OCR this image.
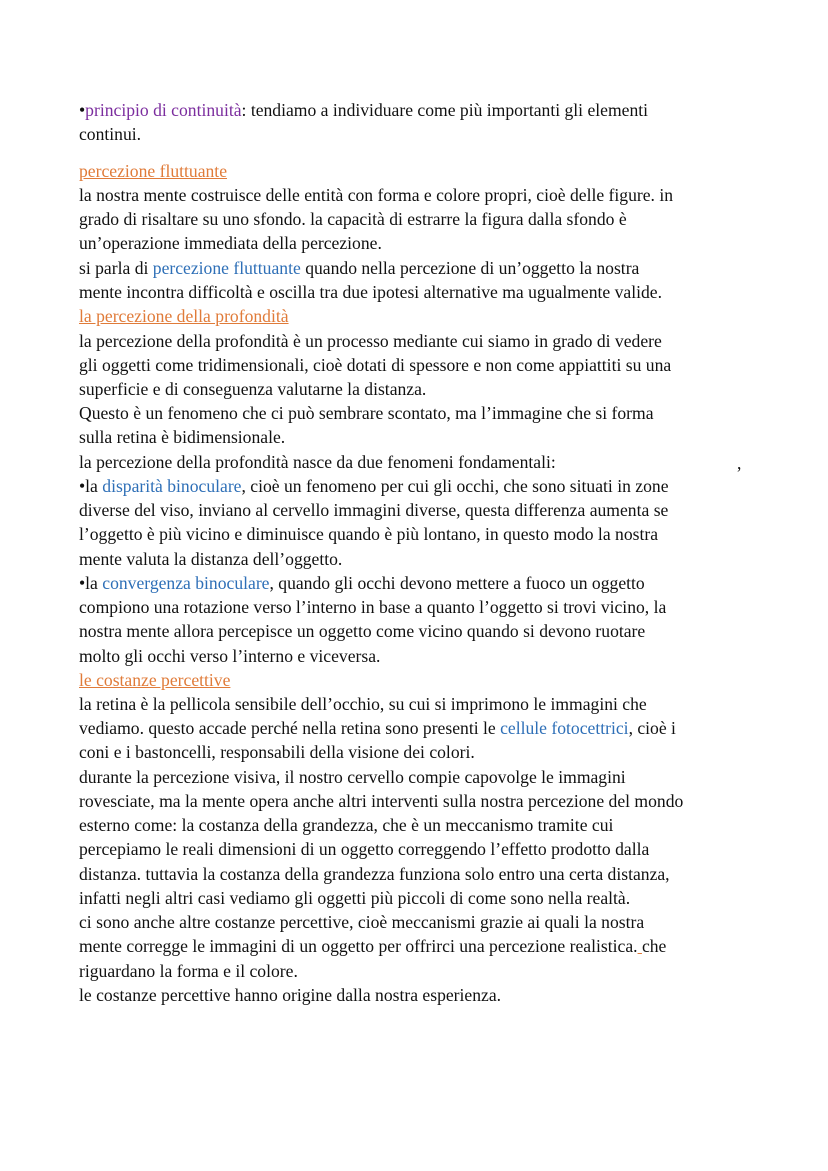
•principio di continuità: tendiamo a individuare come più importanti gli elementi

continui.

percezione fluttuante

la nostra mente costruisce delle entità con forma e colore propri, cioè delle figure. in

grado di risaltare su uno sfondo. la capacità di estrarre la figura dalla sfondo è

un’operazione immediata della percezione.

si parla di percezione fluttuante quando nella percezione di un’oggetto la nostra

mente incontra difficoltà e oscilla tra due ipotesi alternative ma ugualmente valide.

la percezione della profondità

la percezione della profondità è un processo mediante cui siamo in grado di vedere

gli oggetti come tridimensionali, cioè dotati di spessore e non come appiattiti su una

superficie e di conseguenza valutarne la distanza.

Questo è un fenomeno che ci può sembrare scontato, ma l’immagine che si forma

sulla retina è bidimensionale.

la percezione della profondità nasce da due fenomeni fondamentali:	,

•la disparità binoculare, cioè un fenomeno per cui gli occhi, che sono situati in zone

diverse del viso, inviano al cervello immagini diverse, questa differenza aumenta se

l’oggetto è più vicino e diminuisce quando è più lontano, in questo modo la nostra

mente valuta la distanza dell’oggetto.

•la convergenza binoculare, quando gli occhi devono mettere a fuoco un oggetto

compiono una rotazione verso l’interno in base a quanto l’oggetto si trovi vicino, la

nostra mente allora percepisce un oggetto come vicino quando si devono ruotare

molto gli occhi verso l’interno e viceversa.

le costanze percettive

la retina è la pellicola sensibile dell’occhio, su cui si imprimono le immagini che

vediamo. questo accade perché nella retina sono presenti le cellule fotocettrici, cioè i

coni e i bastoncelli, responsabili della visione dei colori.

durante la percezione visiva, il nostro cervello compie capovolge le immagini

rovesciate, ma la mente opera anche altri interventi sulla nostra percezione del mondo

esterno come: la costanza della grandezza, che è un meccanismo tramite cui

percepiamo le reali dimensioni di un oggetto correggendo l’effetto prodotto dalla

distanza. tuttavia la costanza della grandezza funziona solo entro una certa distanza,

infatti negli altri casi vediamo gli oggetti più piccoli di come sono nella realtà.

ci sono anche altre costanze percettive, cioè meccanismi grazie ai quali la nostra

mente corregge le immagini di un oggetto per offrirci una percezione realistica. che

riguardano la forma e il colore.

le costanze percettive hanno origine dalla nostra esperienza.
